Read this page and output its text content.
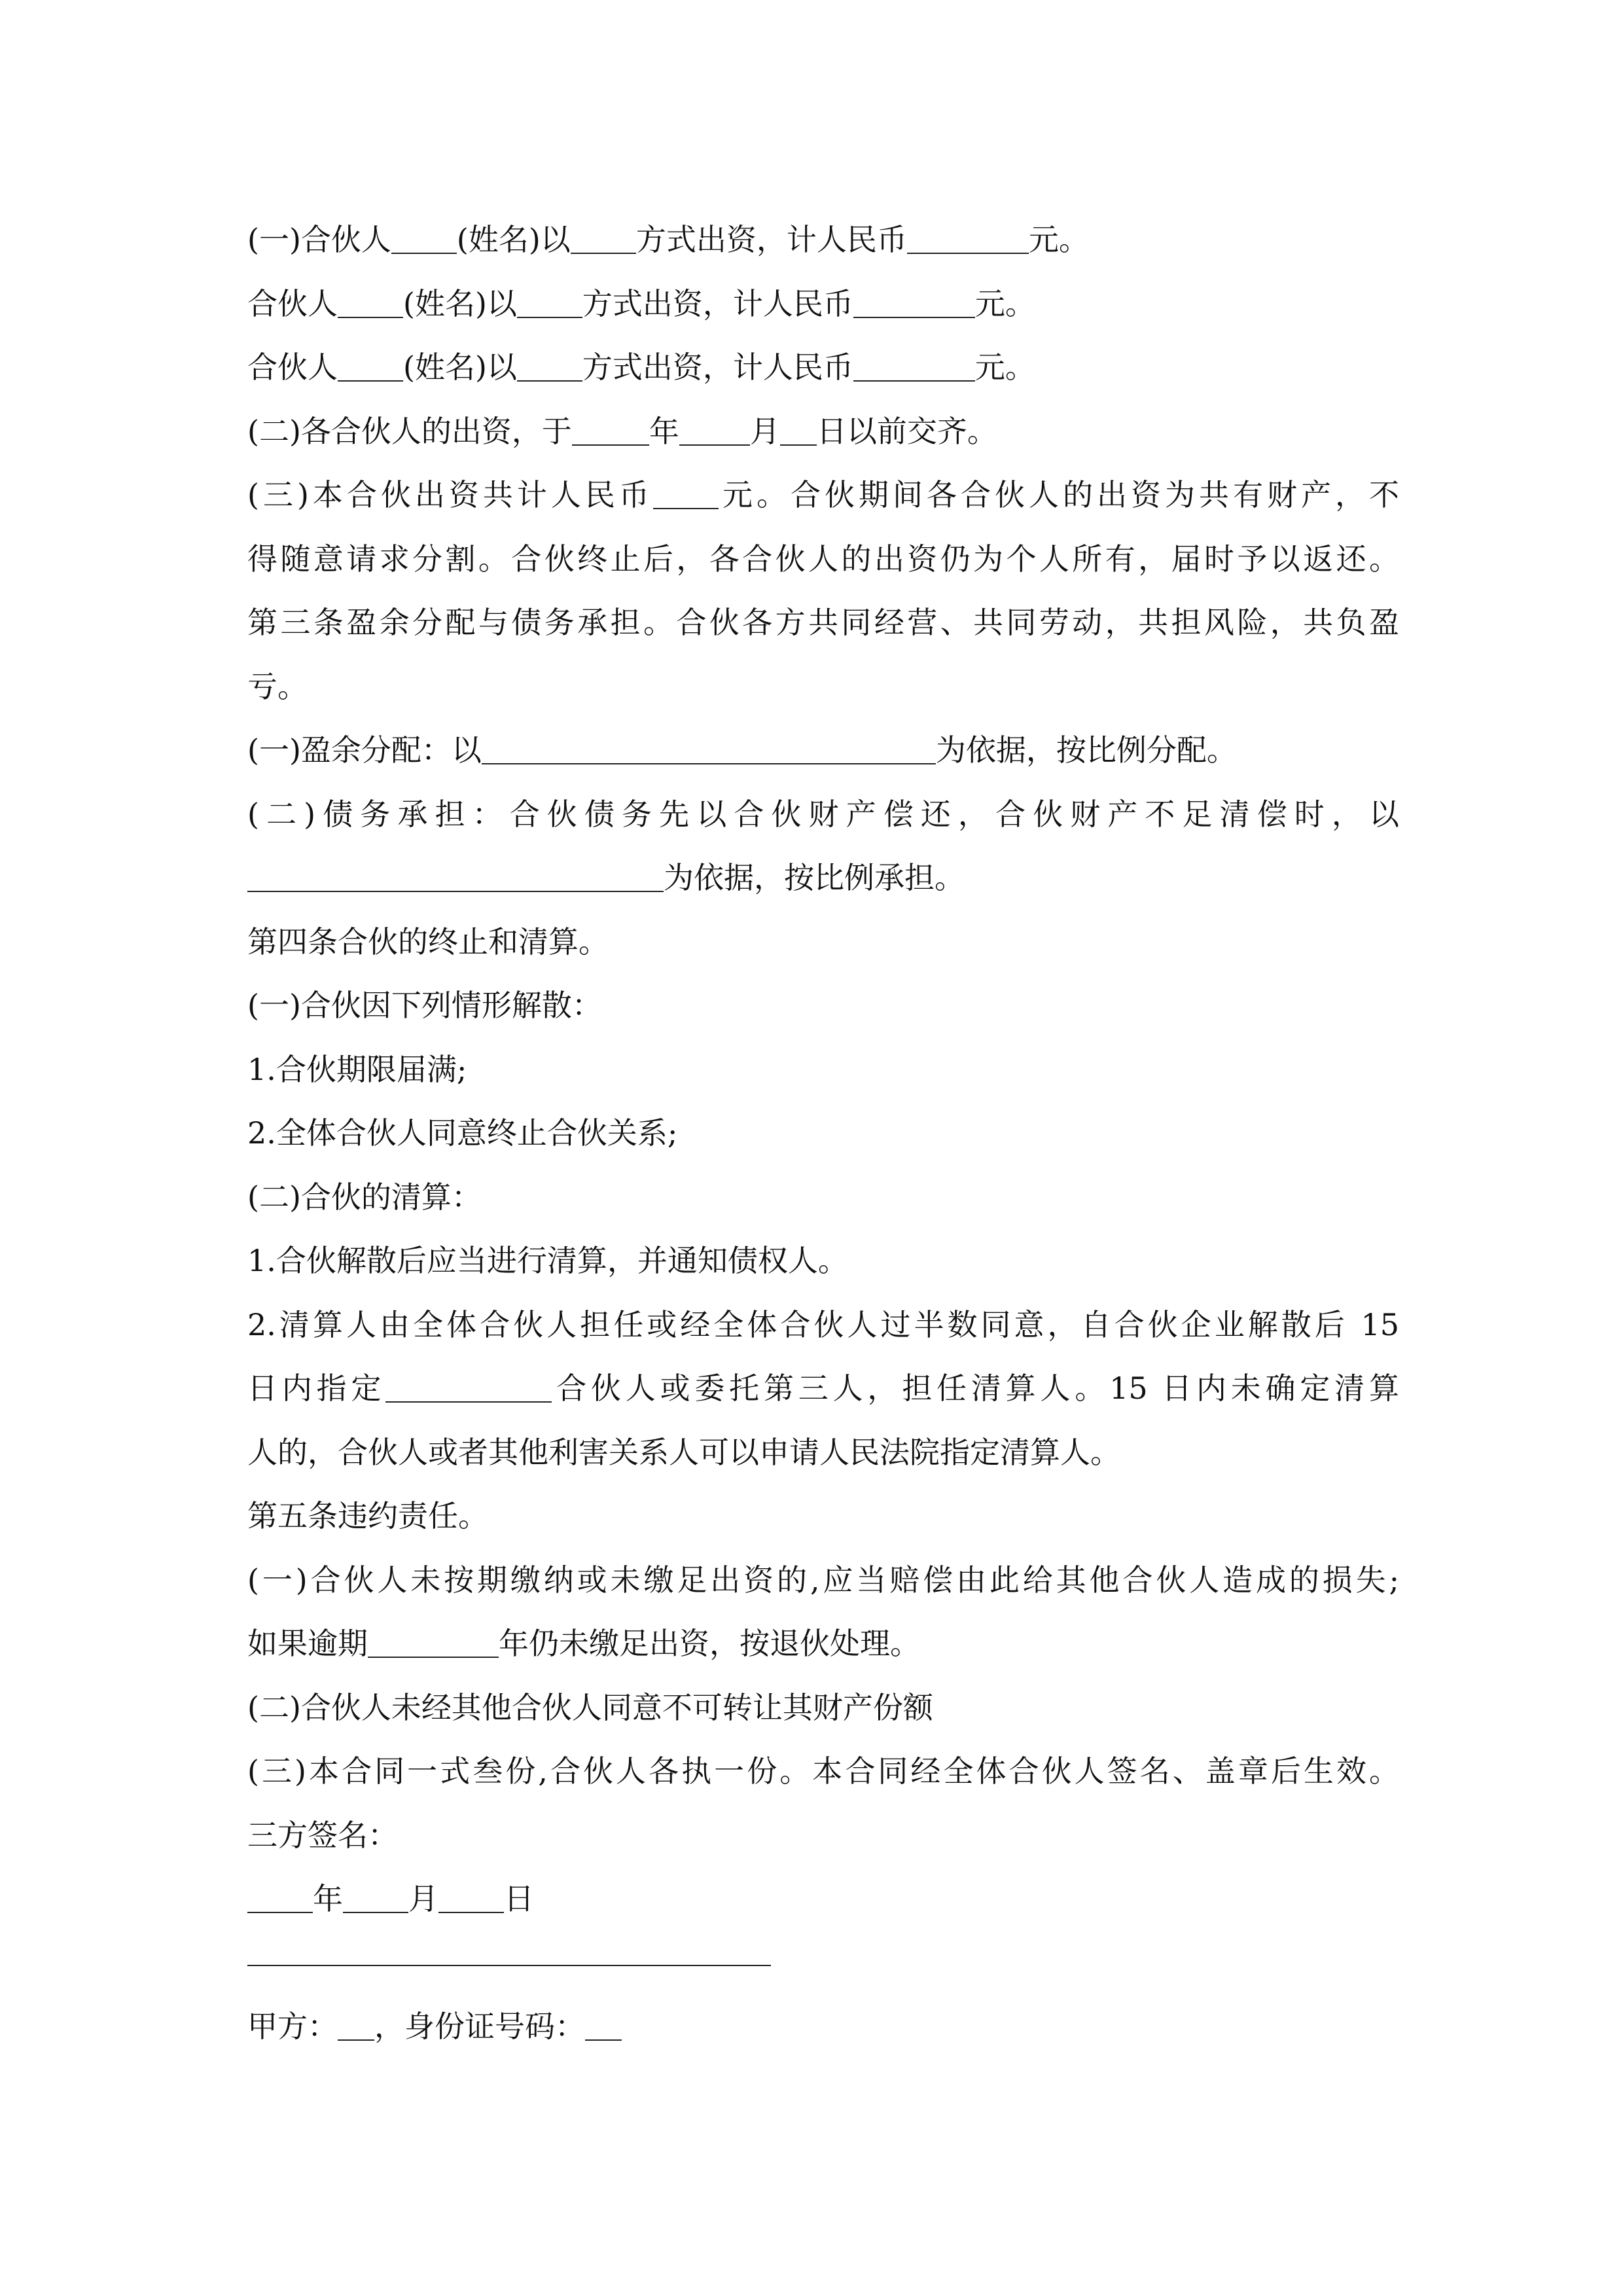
(一)合伙人 (姓名)以 方式出资，计人民币	元。
合伙人 (姓名)以 方式出资，计人民币	元。
合伙人 (姓名)以 方式出资，计人民币	元。
(二)各合伙人的出资，于	年 月 日以前交齐。
(三)本合伙出资共计人民币 元。合伙期间各合伙人的出资为共有财产，不
得随意请求分割。合伙终止后，各合伙人的出资仍为个人所有，届时予以返还。
第三条盈余分配与债务承担。合伙各方共同经营、共同劳动，共担风险，共负盈
亏。
(一)盈余分配：以	为依据，按比例分配。
(二)债务承担：合伙债务先以合伙财产偿还，合伙财产不足清偿时，以
为依据，按比例承担。
第四条合伙的终止和清算。
(一)合伙因下列情形解散：
1.合伙期限届满;
2.全体合伙人同意终止合伙关系;
(二)合伙的清算：
1.合伙解散后应当进行清算，并通知债权人。
2.清算人由全体合伙人担任或经全体合伙人过半数同意，自合伙企业解散后 15
日内指定	合伙人或委托第三人，担任清算人。15 日内未确定清算
人的，合伙人或者其他利害关系人可以申请人民法院指定清算人。
第五条违约责任。
(一)合伙人未按期缴纳或未缴足出资的,应当赔偿由此给其他合伙人造成的损失;
如果逾期	年仍未缴足出资，按退伙处理。
(二)合伙人未经其他合伙人同意不可转让其财产份额
(三)本合同一式叁份,合伙人各执一份。本合同经全体合伙人签名、盖章后生效。
三方签名：
年 月 日
甲方： ，身份证号码：
